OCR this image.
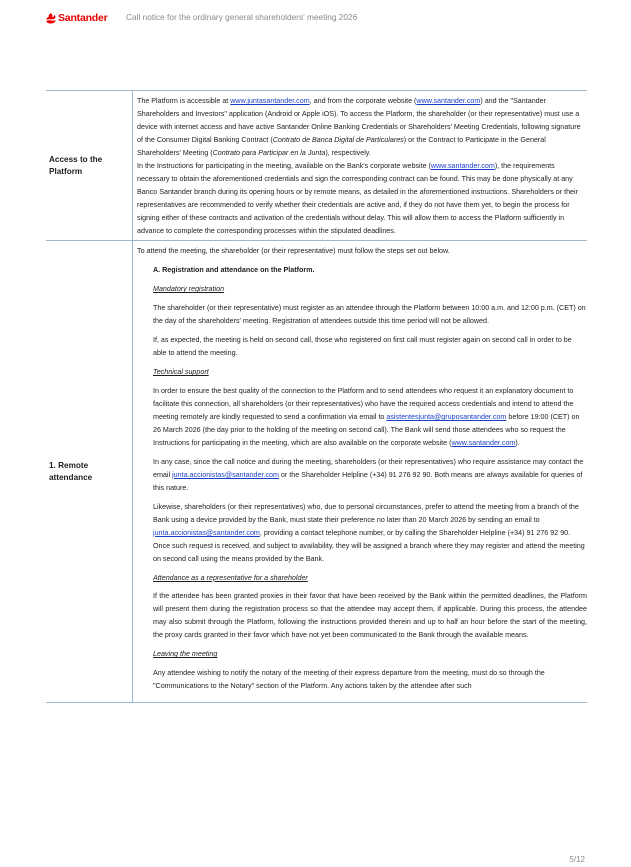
Santander Call notice for the ordinary general shareholders' meeting 2026
Access to the
Platform

The Platform is accessible at www.juntasantander.com, and from the corporate website (www.santander.com) and the "Santander Shareholders and Investors" application (Android or Apple iOS). To access the Platform, the shareholder (or their representative) must use a device with internet access and have active Santander Online Banking Credentials or Shareholders' Meeting Credentials, following signature of the Consumer Digital Banking Contract (Contrato de Banca Digital de Particulares) or the Contract to Participate in the General Shareholders' Meeting (Contrato para Participar en la Junta), respectively.

In the Instructions for participating in the meeting, available on the Bank's corporate website (www.santander.com), the requirements necessary to obtain the aforementioned credentials and sign the corresponding contract can be found. This may be done physically at any Banco Santander branch during its opening hours or by remote means, as detailed in the aforementioned instructions. Shareholders or their representatives are recommended to verify whether their credentials are active and, if they do not have them yet, to begin the process for signing either of these contracts and activation of the credentials without delay. This will allow them to access the Platform sufficiently in advance to complete the corresponding processes within the stipulated deadlines.

1. Remote
attendance

To attend the meeting, the shareholder (or their representative) must follow the steps set out below.

A. Registration and attendance on the Platform.

Mandatory registration

The shareholder (or their representative) must register as an attendee through the Platform between 10:00 a.m. and 12:00 p.m. (CET) on the day of the shareholders' meeting. Registration of attendees outside this time period will not be allowed.

If, as expected, the meeting is held on second call, those who registered on first call must register again on second call in order to be able to attend the meeting.

Technical support

In order to ensure the best quality of the connection to the Platform and to send attendees who request it an explanatory document to facilitate this connection, all shareholders (or their representatives) who have the required access credentials and intend to attend the meeting remotely are kindly requested to send a confirmation via email to asistentesjunta@gruposantander.com before 19:00 (CET) on 26 March 2026 (the day prior to the holding of the meeting on second call). The Bank will send those attendees who so request the Instructions for participating in the meeting, which are also available on the corporate website (www.santander.com).

In any case, since the call notice and during the meeting, shareholders (or their representatives) who require assistance may contact the email junta.accionistas@santander.com or the Shareholder Helpline (+34) 91 276 92 90. Both means are always available for queries of this nature.

Likewise, shareholders (or their representatives) who, due to personal circumstances, prefer to attend the meeting from a branch of the Bank using a device provided by the Bank, must state their preference no later than 20 March 2026 by sending an email to junta.accionistas@santander.com, providing a contact telephone number, or by calling the Shareholder Helpline (+34) 91 276 92 90. Once such request is received, and subject to availability, they will be assigned a branch where they may register and attend the meeting on second call using the means provided by the Bank.

Attendance as a representative for a shareholder

If the attendee has been granted proxies in their favor that have been received by the Bank within the permitted deadlines, the Platform will present them during the registration process so that the attendee may accept them, if applicable. During this process, the attendee may also submit through the Platform, following the instructions provided therein and up to half an hour before the start of the meeting, the proxy cards granted in their favor which have not yet been communicated to the Bank through the available means.

Leaving the meeting

Any attendee wishing to notify the notary of the meeting of their express departure from the meeting, must do so through the "Communications to the Notary" section of the Platform. Any actions taken by the attendee after such

5/12
